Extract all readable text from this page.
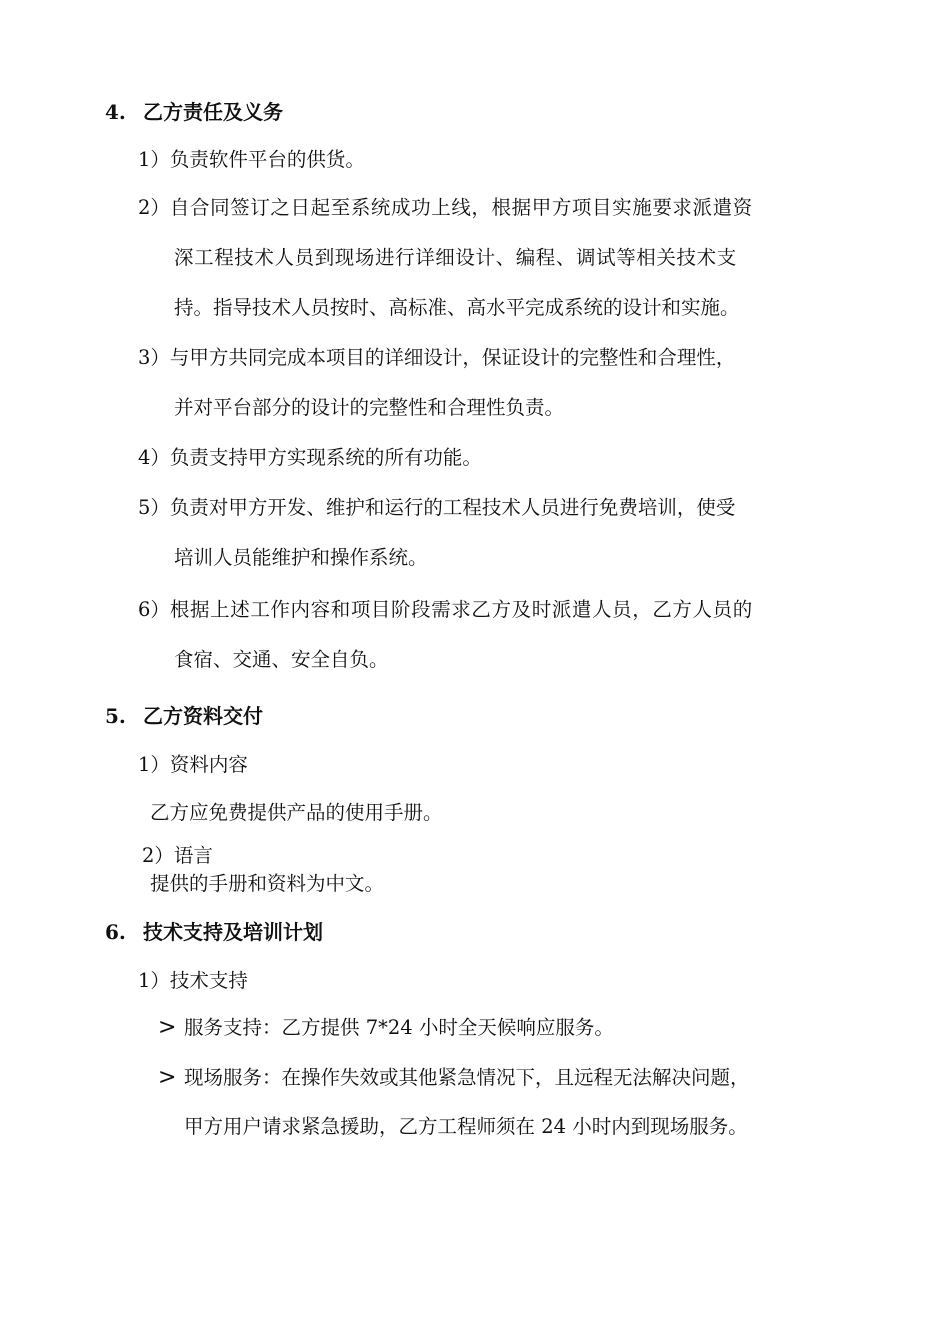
4. 乙方责任及义务
1）负责软件平台的供货。
2）自合同签订之日起至系统成功上线，根据甲方项目实施要求派遣资
深工程技术人员到现场进行详细设计、编程、调试等相关技术支
持。指导技术人员按时、高标准、高水平完成系统的设计和实施。
3）与甲方共同完成本项目的详细设计，保证设计的完整性和合理性，
并对平台部分的设计的完整性和合理性负责。
4）负责支持甲方实现系统的所有功能。
5）负责对甲方开发、维护和运行的工程技术人员进行免费培训，使受
培训人员能维护和操作系统。
6）根据上述工作内容和项目阶段需求乙方及时派遣人员，乙方人员的
食宿、交通、安全自负。
5. 乙方资料交付
1）资料内容
乙方应免费提供产品的使用手册。
2）语言
提供的手册和资料为中文。
6. 技术支持及培训计划
1）技术支持
> 服务支持：乙方提供 7*24 小时全天候响应服务。
> 现场服务：在操作失效或其他紧急情况下，且远程无法解决问题，
甲方用户请求紧急援助，乙方工程师须在 24 小时内到现场服务。
